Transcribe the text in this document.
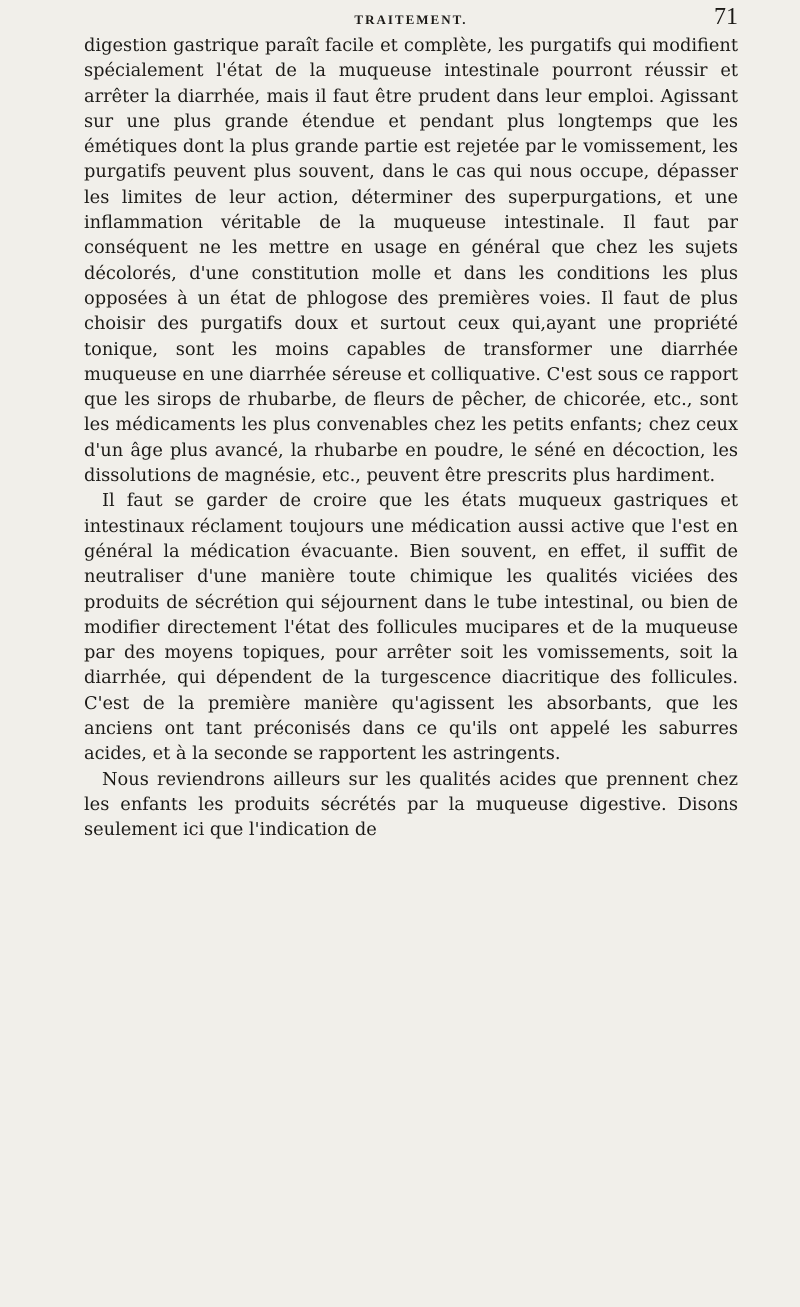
TRAITEMENT.	71

digestion gastrique paraît facile et complète, les purgatifs qui modifient spécialement l'état de la muqueuse intestinale pourront réussir et arrêter la diarrhée, mais il faut être prudent dans leur emploi. Agissant sur une plus grande étendue et pendant plus longtemps que les émétiques dont la plus grande partie est rejetée par le vomissement, les purgatifs peuvent plus souvent, dans le cas qui nous occupe, dépasser les limites de leur action, déterminer des superpurgations, et une inflammation véritable de la muqueuse intestinale. Il faut par conséquent ne les mettre en usage en général que chez les sujets décolorés, d'une constitution molle et dans les conditions les plus opposées à un état de phlogose des premières voies. Il faut de plus choisir des purgatifs doux et surtout ceux qui,ayant une propriété tonique, sont les moins capables de transformer une diarrhée muqueuse en une diarrhée séreuse et colliquative. C'est sous ce rapport que les sirops de rhubarbe, de fleurs de pêcher, de chicorée, etc., sont les médicaments les plus convenables chez les petits enfants; chez ceux d'un âge plus avancé, la rhubarbe en poudre, le séné en décoction, les dissolutions de magnésie, etc., peuvent être prescrits plus hardiment.

Il faut se garder de croire que les états muqueux gastriques et intestinaux réclament toujours une médication aussi active que l'est en général la médication évacuante. Bien souvent, en effet, il suffit de neutraliser d'une manière toute chimique les qualités viciées des produits de sécrétion qui séjournent dans le tube intestinal, ou bien de modifier directement l'état des follicules mucipares et de la muqueuse par des moyens topiques, pour arrêter soit les vomissements, soit la diarrhée, qui dépendent de la turgescence diacritique des follicules. C'est de la première manière qu'agissent les absorbants, que les anciens ont tant préconisés dans ce qu'ils ont appelé les saburres acides, et à la seconde se rapportent les astringents.

Nous reviendrons ailleurs sur les qualités acides que prennent chez les enfants les produits sécrétés par la muqueuse digestive. Disons seulement ici que l'indication de
